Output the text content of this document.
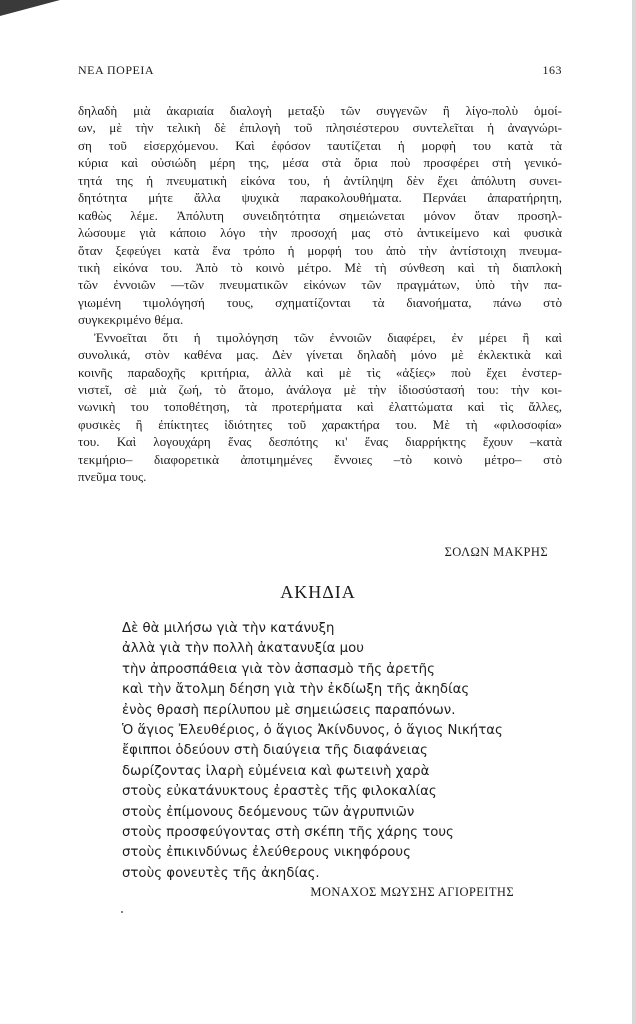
ΝΕΑ ΠΟΡΕΙΑ	163
δηλαδὴ μιὰ ἀκαριαία διαλογὴ μεταξὺ τῶν συγγενῶν ἢ λίγο-πολὺ ὁμοί-
ων, μὲ τὴν τελικὴ δὲ ἐπιλογὴ τοῦ πλησιέστερου συντελεῖται ἡ ἀναγνώρι-
ση τοῦ εἰσερχόμενου. Καὶ ἐφόσον ταυτίζεται ἡ μορφὴ του κατὰ τὰ
κύρια καὶ οὐσιώδη μέρη της, μέσα στὰ ὅρια ποὺ προσφέρει στὴ γενικό-
τητά της ἡ πνευματικὴ εἰκόνα του, ἡ ἀντίληψη δὲν ἔχει ἀπόλυτη συνει-
δητότητα μήτε ἄλλα ψυχικὰ παρακολουθήματα. Περνάει ἀπαρατήρητη,
καθὼς λέμε. Ἀπόλυτη συνειδητότητα σημειώνεται μόνον ὅταν προσηλ-
λώσουμε γιὰ κάποιο λόγο τὴν προσοχή μας στὸ ἀντικείμενο καὶ φυσικὰ
ὅταν ξεφεύγει κατὰ ἕνα τρόπο ἡ μορφή του ἀπὸ τὴν ἀντίστοιχη πνευμα-
τικὴ εἰκόνα του. Ἀπὸ τὸ κοινὸ μέτρο. Μὲ τὴ σύνθεση καὶ τὴ διαπλοκὴ
τῶν ἐννοιῶν —τῶν πνευματικῶν εἰκόνων τῶν πραγμάτων, ὑπὸ τὴν πα-
γιωμένη τιμολόγησή τους, σχηματίζονται τὰ διανοήματα, πάνω στὸ
συγκεκριμένο θέμα.
Ἐννοεῖται ὅτι ἡ τιμολόγηση τῶν ἐννοιῶν διαφέρει, ἐν μέρει ἢ καὶ
συνολικά, στὸν καθένα μας. Δὲν γίνεται δηλαδὴ μόνο μὲ ἐκλεκτικὰ καὶ
κοινῆς παραδοχῆς κριτήρια, ἀλλὰ καὶ μὲ τὶς «ἀξίες» ποὺ ἔχει ἐνστερ-
νιστεῖ, σὲ μιὰ ζωή, τὸ ἄτομο, ἀνάλογα μὲ τὴν ἰδιοσύστασή του: τὴν κοι-
νωνικὴ του τοποθέτηση, τὰ προτερήματα καὶ ἐλαττώματα καὶ τὶς ἄλλες,
φυσικὲς ἢ ἐπίκτητες ἰδιότητες τοῦ χαρακτήρα του. Μὲ τὴ «φιλοσοφία»
του. Καὶ λογουχάρη ἕνας δεσπότης κι' ἕνας διαρρήκτης ἔχουν –κατὰ
τεκμήριο– διαφορετικὰ ἀποτιμημένες ἔννοιες –τὸ κοινὸ μέτρο– στὸ
πνεῦμα τους.
ΣΟΛΩΝ ΜΑΚΡΗΣ
ΑΚΗΔΙΑ
Δὲ θὰ μιλήσω γιὰ τὴν κατάνυξη
ἀλλὰ γιὰ τὴν πολλὴ ἀκατανυξία μου
τὴν ἀπροσπάθεια γιὰ τὸν ἀσπασμὸ τῆς ἀρετῆς
καὶ τὴν ἄτολμη δέηση γιὰ τὴν ἐκδίωξη τῆς ἀκηδίας
ἐνὸς θρασὴ περίλυπου μὲ σημειώσεις παραπόνων.
Ὁ ἅγιος Ἐλευθέριος, ὁ ἅγιος Ἀκίνδυνος, ὁ ἅγιος Νικήτας
ἔφιπποι ὁδεύουν στὴ διαύγεια τῆς διαφάνειας
δωρίζοντας ἱλαρὴ εὐμένεια καὶ φωτεινὴ χαρὰ
στοὺς εὐκατάνυκτους ἐραστὲς τῆς φιλοκαλίας
στοὺς ἐπίμονους δεόμενους τῶν ἀγρυπνιῶν
στοὺς προσφεύγοντας στὴ σκέπη τῆς χάρης τους
στοὺς ἐπικινδύνως ἐλεύθερους νικηφόρους
στοὺς φονευτὲς τῆς ἀκηδίας.
ΜΟΝΑΧΟΣ ΜΩΥΣΗΣ ΑΓΙΟΡΕΙΤΗΣ
